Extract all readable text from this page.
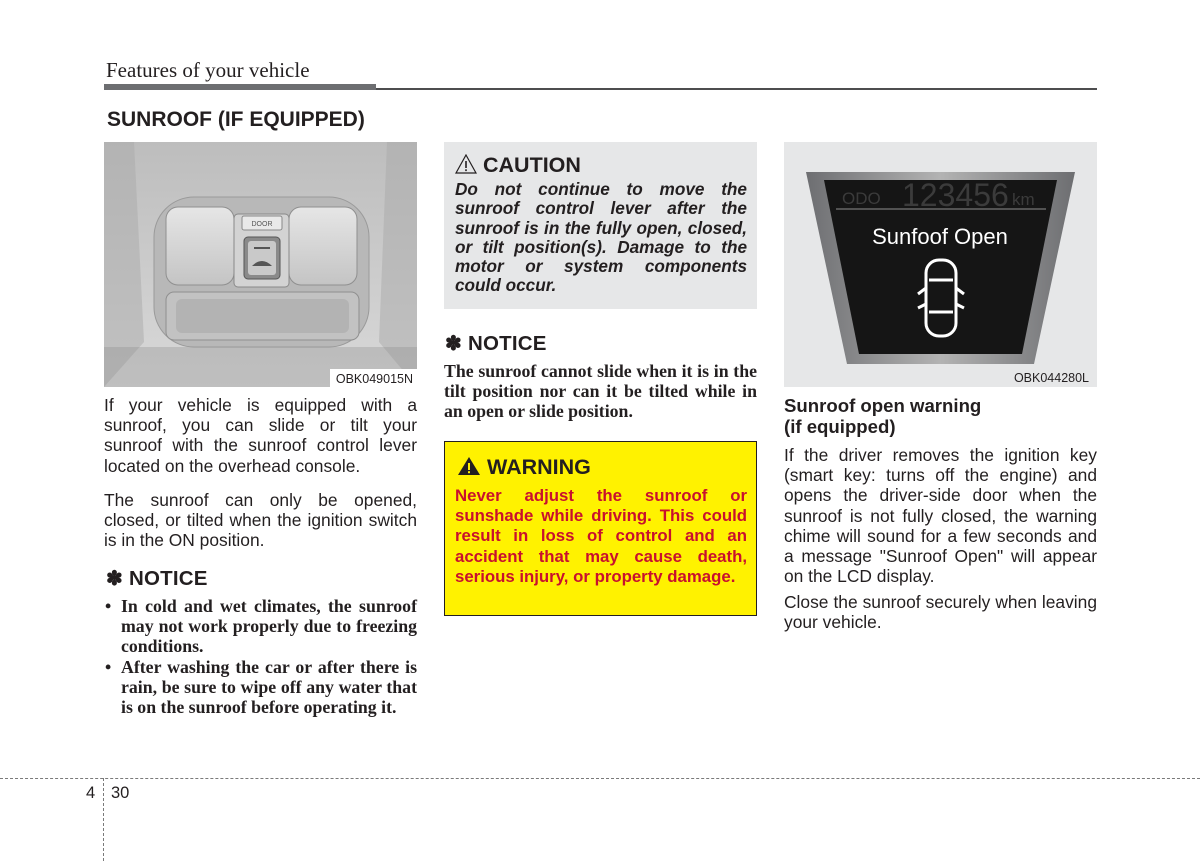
Features of your vehicle
SUNROOF (IF EQUIPPED)
DOOR
OBK049015N
If your vehicle is equipped with a sunroof, you can slide or tilt your sunroof with the sunroof control lever located on the overhead console.
The sunroof can only be opened, closed, or tilted when the ignition switch is in the ON position.
✽ NOTICE
• In cold and wet climates, the sunroof may not work properly due to freezing conditions.
• After washing the car or after there is rain, be sure to wipe off any water that is on the sunroof before operating it.
CAUTION
Do not continue to move the sunroof control lever after the sunroof is in the fully open, closed, or tilt position(s). Damage to the motor or system components could occur.
✽ NOTICE
The sunroof cannot slide when it is in the tilt position nor can it be tilted while in an open or slide position.
WARNING
Never adjust the sunroof or sunshade while driving. This could result in loss of control and an accident that may cause death, serious injury, or property damage.
ODO 123456 km
Sunfoof Open
OBK044280L
Sunroof open warning
(if equipped)
If the driver removes the ignition key (smart key: turns off the engine) and opens the driver-side door when the sunroof is not fully closed, the warning chime will sound for a few seconds and a message "Sunroof Open" will appear on the LCD display.
Close the sunroof securely when leaving your vehicle.
4 30
